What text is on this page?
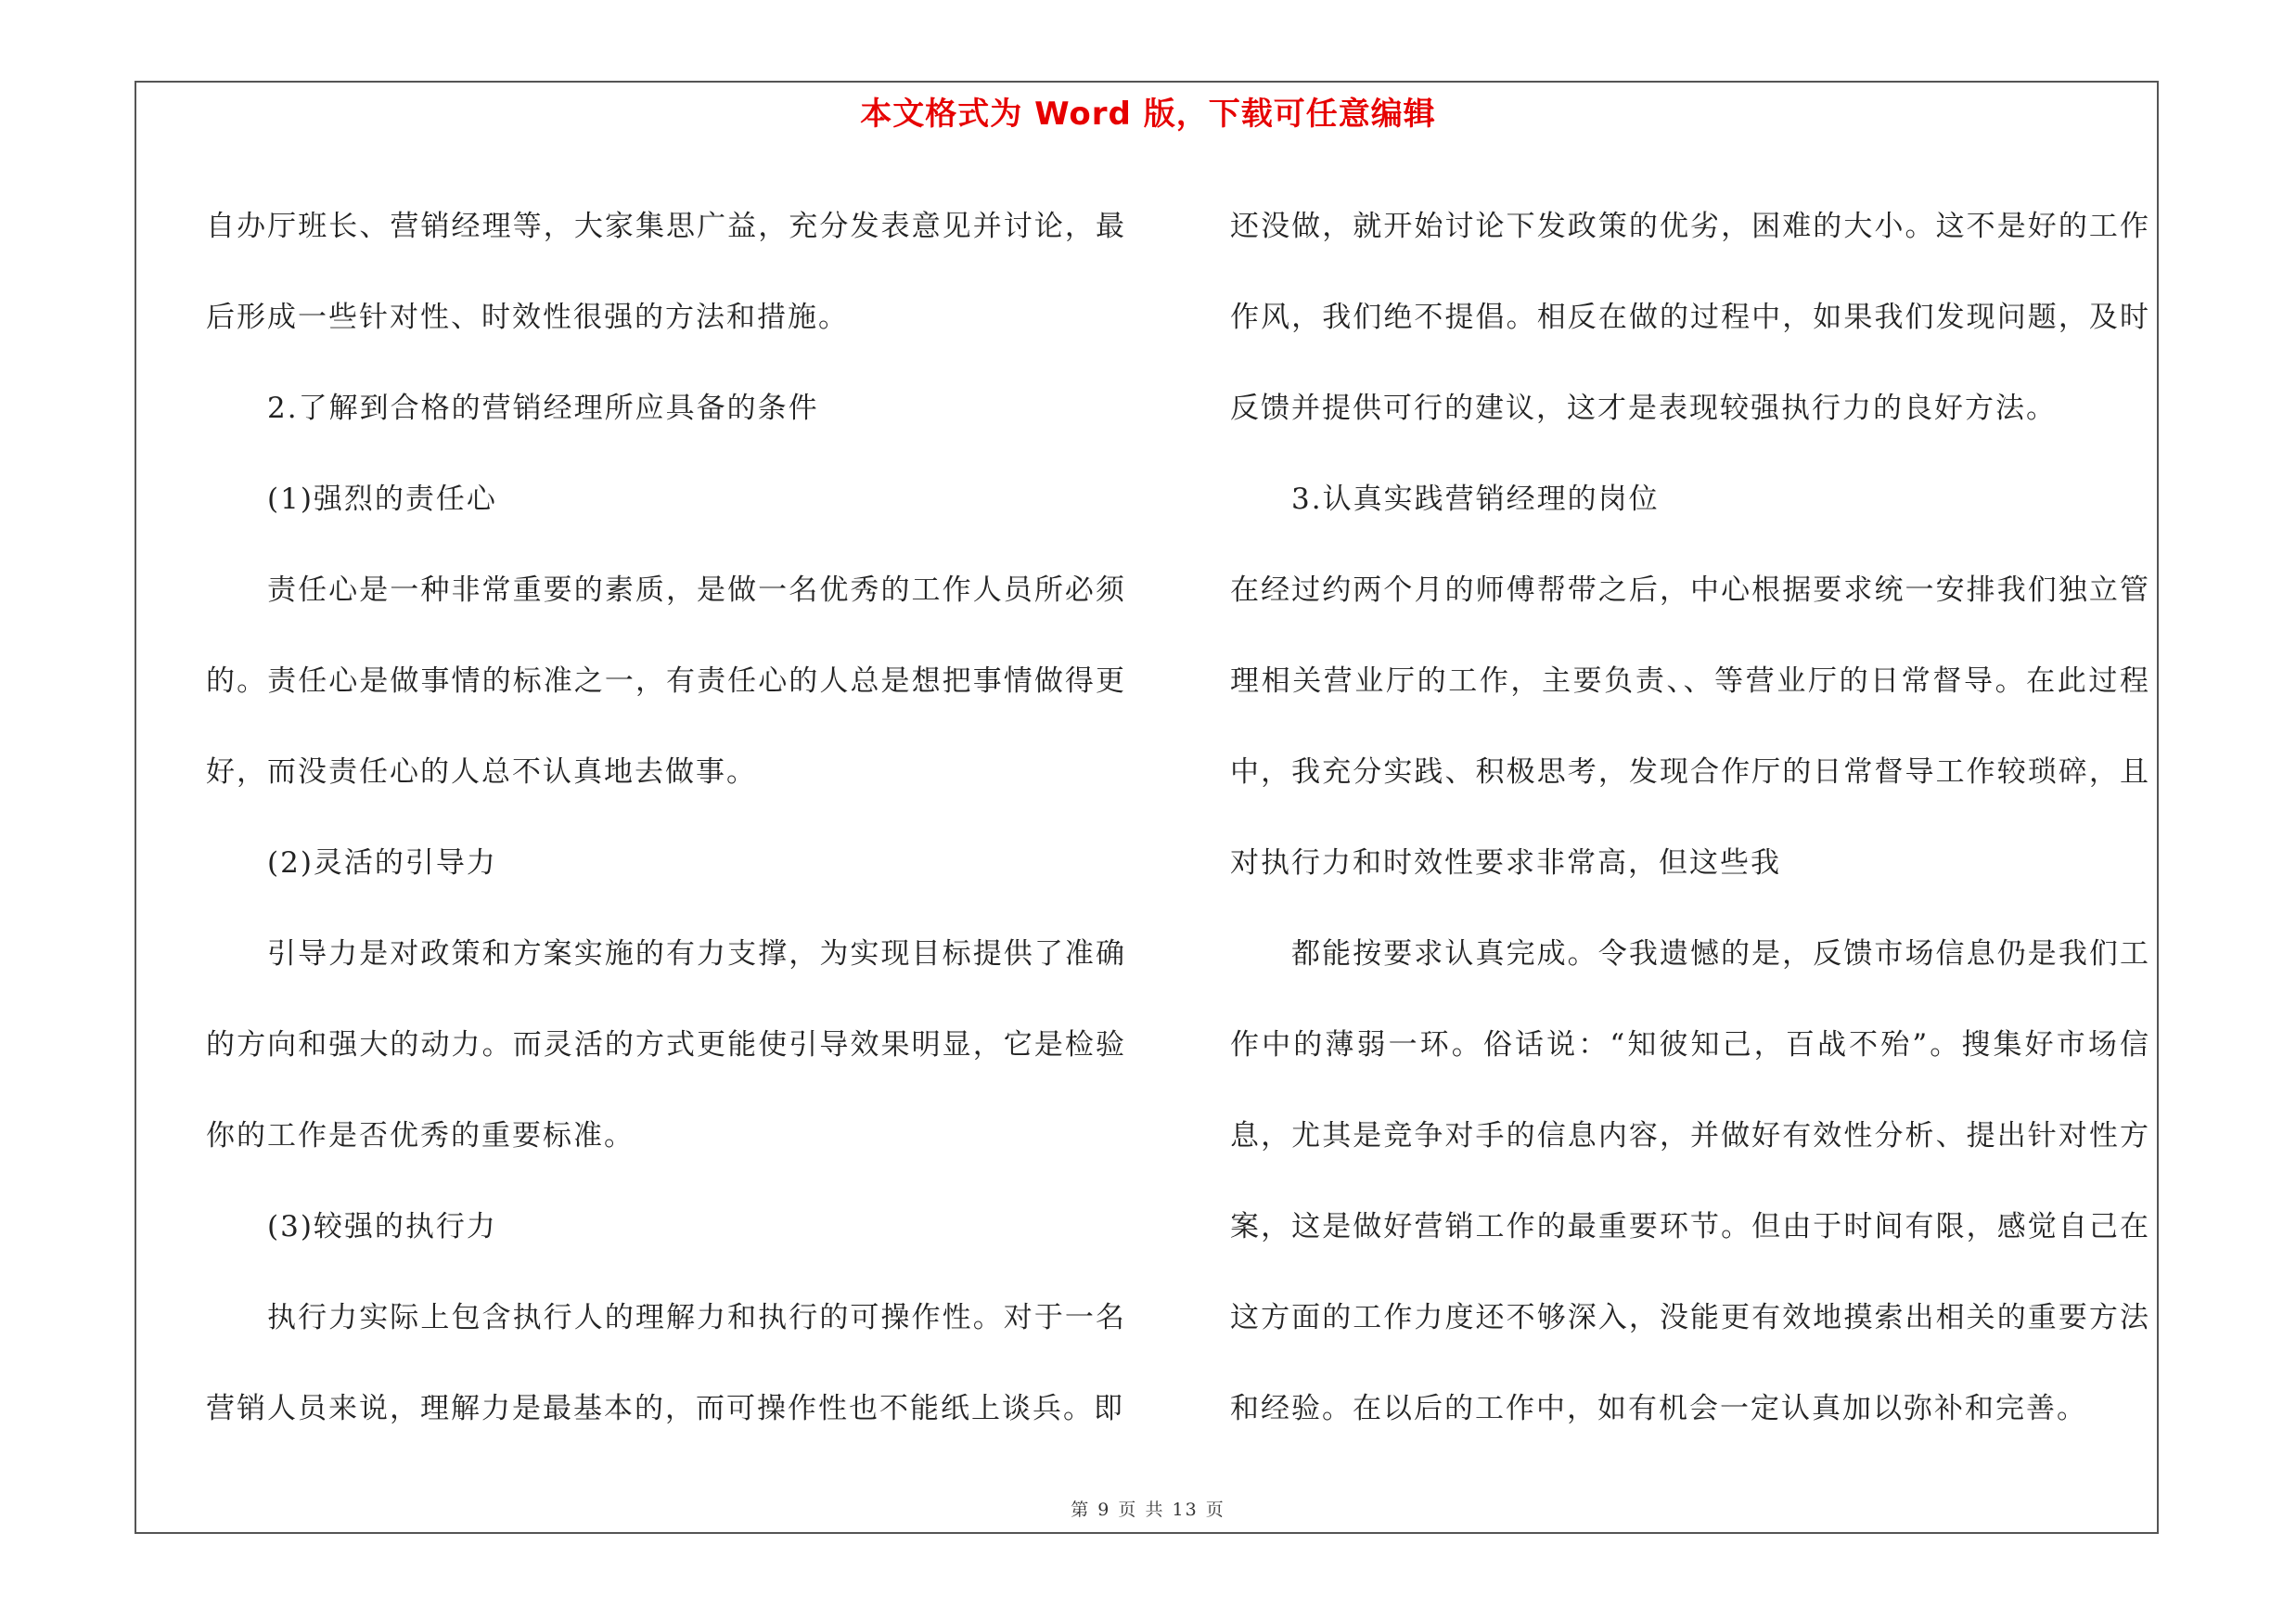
本文格式为 Word 版，下载可任意编辑

自办厅班长、营销经理等，大家集思广益，充分发表意见并讨论，最后形成一些针对性、时效性很强的方法和措施。

2.了解到合格的营销经理所应具备的条件

(1)强烈的责任心

责任心是一种非常重要的素质，是做一名优秀的工作人员所必须的。责任心是做事情的标准之一，有责任心的人总是想把事情做得更好，而没责任心的人总不认真地去做事。

(2)灵活的引导力

引导力是对政策和方案实施的有力支撑，为实现目标提供了准确的方向和强大的动力。而灵活的方式更能使引导效果明显，它是检验你的工作是否优秀的重要标准。

(3)较强的执行力

执行力实际上包含执行人的理解力和执行的可操作性。对于一名营销人员来说，理解力是最基本的，而可操作性也不能纸上谈兵。即

还没做，就开始讨论下发政策的优劣，困难的大小。这不是好的工作作风，我们绝不提倡。相反在做的过程中，如果我们发现问题，及时反馈并提供可行的建议，这才是表现较强执行力的良好方法。

3.认真实践营销经理的岗位

在经过约两个月的师傅帮带之后，中心根据要求统一安排我们独立管理相关营业厅的工作，主要负责、、等营业厅的日常督导。在此过程中，我充分实践、积极思考，发现合作厅的日常督导工作较琐碎，且对执行力和时效性要求非常高，但这些我

都能按要求认真完成。令我遗憾的是，反馈市场信息仍是我们工作中的薄弱一环。俗话说：“知彼知己，百战不殆”。搜集好市场信息，尤其是竞争对手的信息内容，并做好有效性分析、提出针对性方案，这是做好营销工作的最重要环节。但由于时间有限，感觉自己在这方面的工作力度还不够深入，没能更有效地摸索出相关的重要方法和经验。在以后的工作中，如有机会一定认真加以弥补和完善。

第 9 页 共 13 页
